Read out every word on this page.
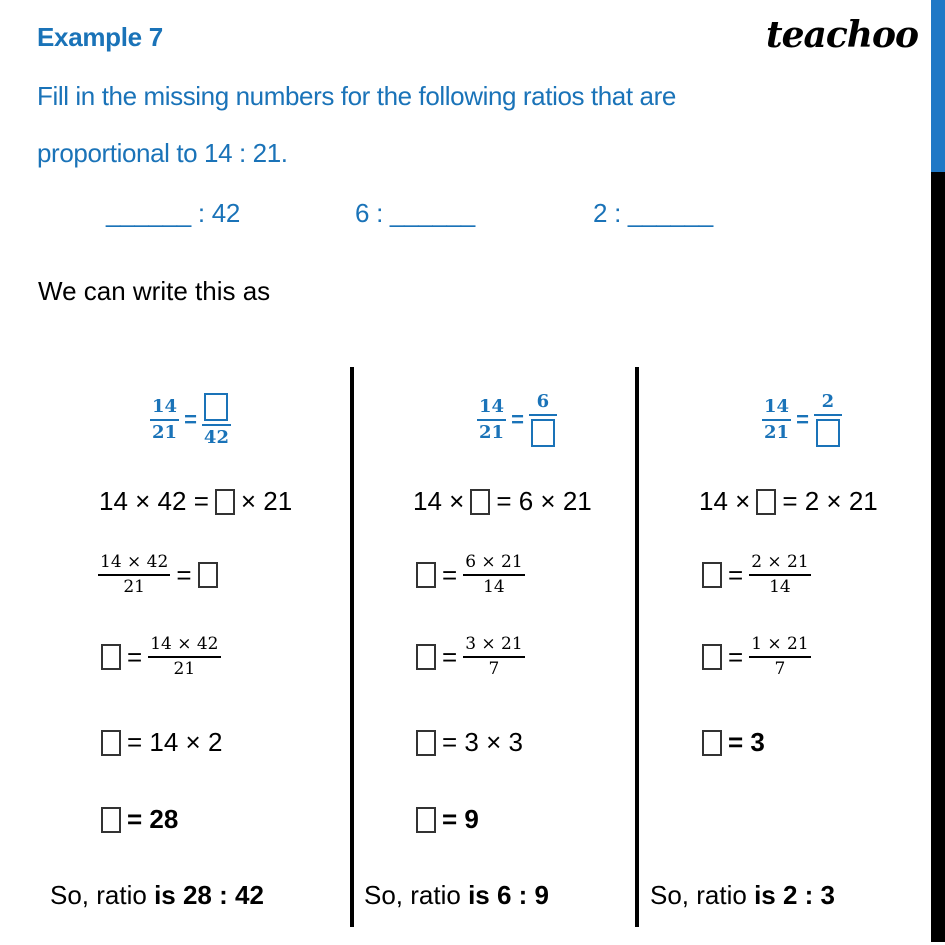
Example 7	teachoo
Fill in the missing numbers for the following ratios that are
proportional to 14 : 21.
______ : 42	6 : ______	2 : ______
We can write this as
$\frac{14}{21}$ =
42
14 × 42 = × 21
$\frac{14 \times 42}{21}$ =
= $\frac{14 \times 42}{21}$
= 14 × 2
= 28
So, ratio is 28 : 42
$\frac{14}{21}$ =
6
14 × = 6 × 21
= $\frac{6 \times 21}{14}$
= $\frac{3 \times 21}{7}$
= 3 × 3
= 9
So, ratio is 6 : 9
$\frac{14}{21}$ =
2
14 × = 2 × 21
= $\frac{2 \times 21}{14}$
= $\frac{1 \times 21}{7}$
= 3
So, ratio is 2 : 3
